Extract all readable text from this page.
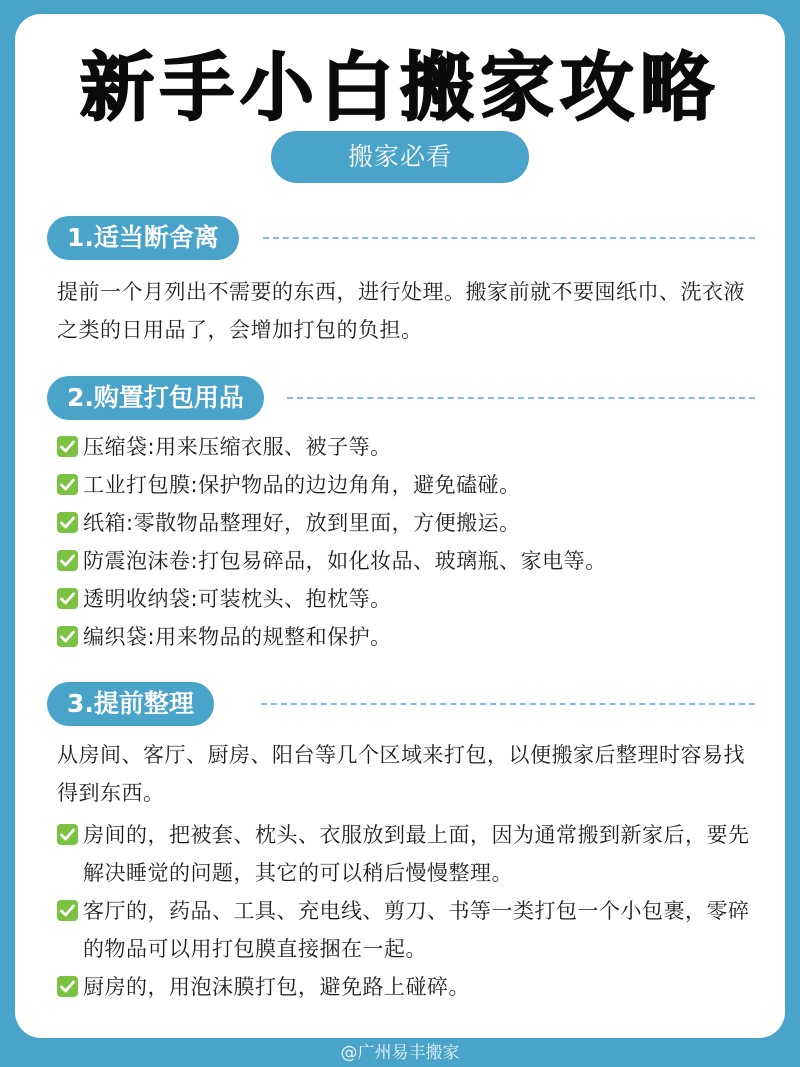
新手小白搬家攻略
搬家必看
1.适当断舍离
提前一个月列出不需要的东西，进行处理。搬家前就不要囤纸巾、洗衣液之类的日用品了，会增加打包的负担。
2.购置打包用品
压缩袋:用来压缩衣服、被子等。
工业打包膜:保护物品的边边角角，避免磕碰。
纸箱:零散物品整理好，放到里面，方便搬运。
防震泡沫卷:打包易碎品，如化妆品、玻璃瓶、家电等。
透明收纳袋:可装枕头、抱枕等。
编织袋:用来物品的规整和保护。
3.提前整理
从房间、客厅、厨房、阳台等几个区域来打包，以便搬家后整理时容易找得到东西。
房间的，把被套、枕头、衣服放到最上面，因为通常搬到新家后，要先解决睡觉的问题，其它的可以稍后慢慢整理。
客厅的，药品、工具、充电线、剪刀、书等一类打包一个小包裹，零碎的物品可以用打包膜直接捆在一起。
厨房的，用泡沫膜打包，避免路上碰碎。
@广州易丰搬家
